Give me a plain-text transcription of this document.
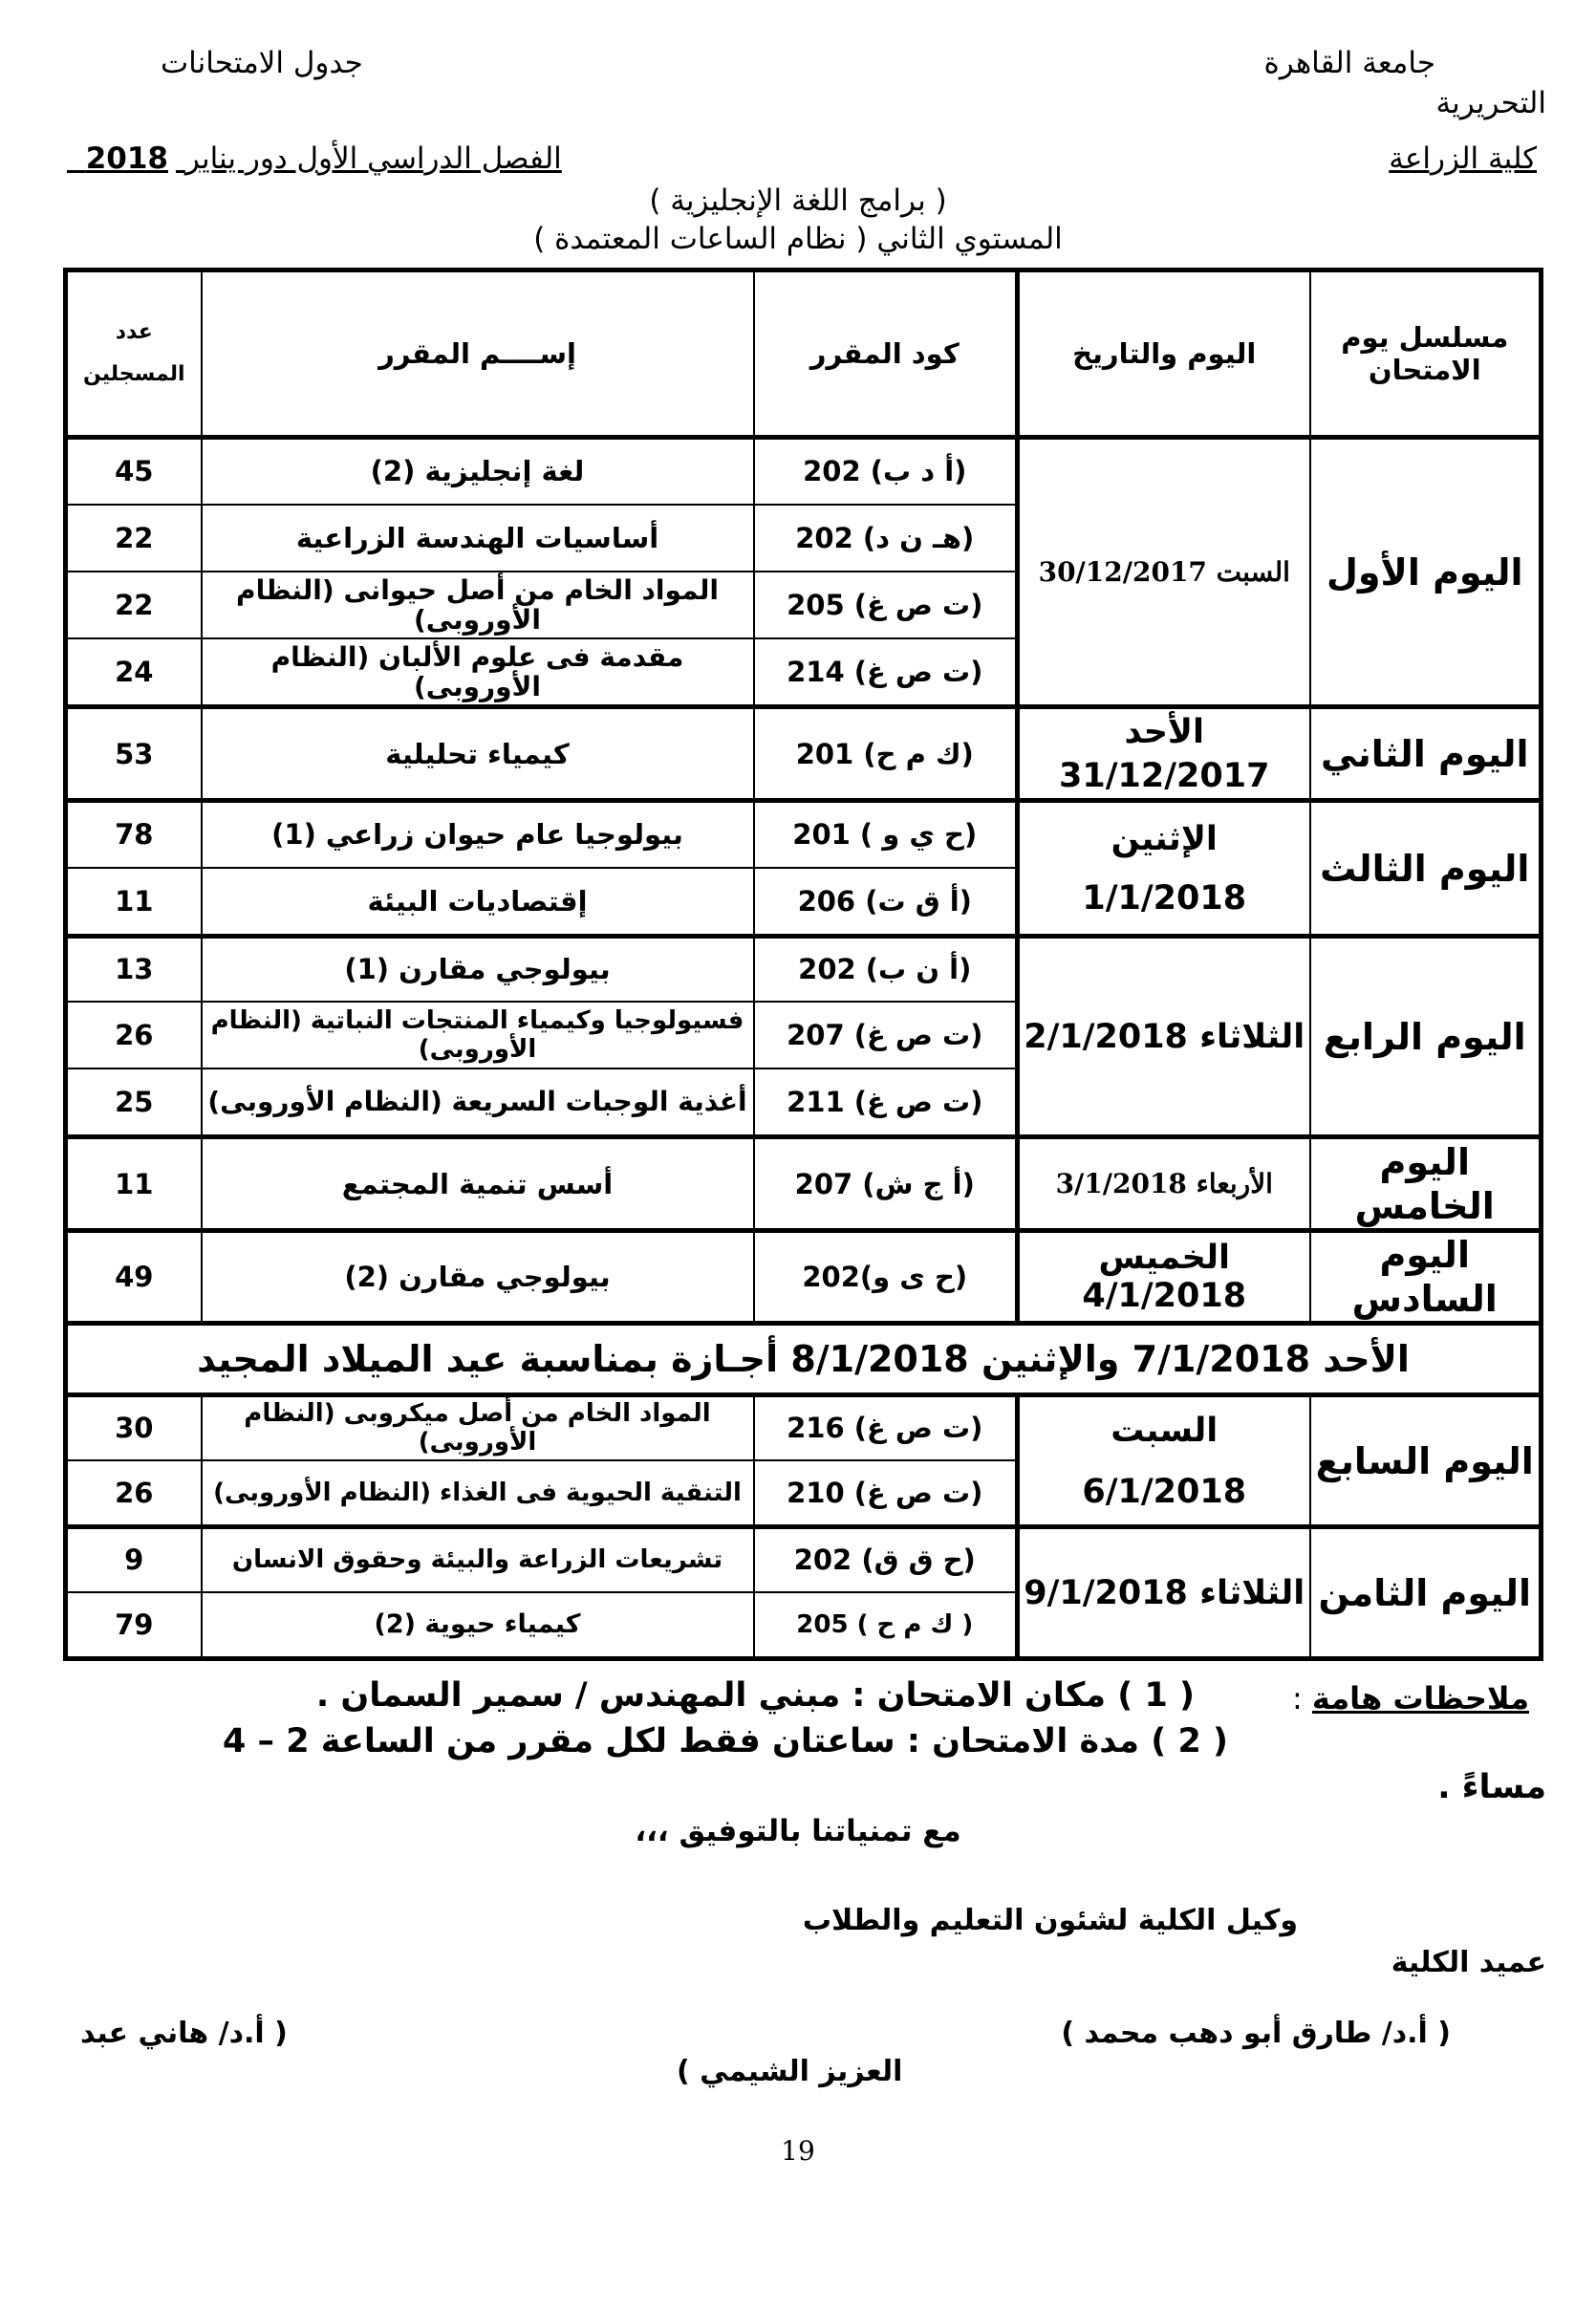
جامعة القاهرة
جدول الامتحانات
التحريرية
كلية الزراعة
الفصل الدراسي الأول دور يناير 2018
( برامج اللغة الإنجليزية )
المستوي الثاني ( نظام الساعات المعتمدة )
مسلسل يوم الامتحان	اليوم والتاريخ	كود المقرر	إســــم المقرر	عدد المسجلين
اليوم الأول	السبت 30/12/2017	(أ د ب) 202	لغة إنجليزية (2)	45
		(هـ ن د) 202	أساسيات الهندسة الزراعية	22
		(ت ص غ) 205	المواد الخام من أصل حيوانى (النظام الأوروبى)	22
		(ت ص غ) 214	مقدمة فى علوم الألبان (النظام الأوروبى)	24
اليوم الثاني	الأحد 31/12/2017	(ك م ح) 201	كيمياء تحليلية	53
اليوم الثالث	الإثنين 1/1/2018	(ح ي و ) 201	بيولوجيا عام حيوان زراعي (1)	78
		(أ ق ت) 206	إقتصاديات البيئة	11
اليوم الرابع	الثلاثاء 2/1/2018	(أ ن ب) 202	بيولوجي مقارن (1)	13
		(ت ص غ) 207	فسيولوجيا وكيمياء المنتجات النباتية (النظام الأوروبى)	26
		(ت ص غ) 211	أغذية الوجبات السريعة (النظام الأوروبى)	25
اليوم الخامس	الأربعاء 3/1/2018	(أ ج ش) 207	أسس تنمية المجتمع	11
اليوم السادس	الخميس 4/1/2018	(ح ى و)202	بيولوجي مقارن (2)	49
الأحد 7/1/2018 والإثنين 8/1/2018 أجـازة بمناسبة عيد الميلاد المجيد				
اليوم السابع	السبت 6/1/2018	(ت ص غ) 216	المواد الخام من أصل ميكروبى (النظام الأوروبى)	30
		(ت ص غ) 210	التنقية الحيوية فى الغذاء (النظام الأوروبى)	26
اليوم الثامن	الثلاثاء 9/1/2018	(ح ق ق) 202	تشريعات الزراعة والبيئة وحقوق الانسان	9
		( ك م ح ) 205	كيمياء حيوية (2)	79
ملاحظات هامة :
( 1 ) مكان الامتحان : مبني المهندس / سمير السمان .
( 2 ) مدة الامتحان : ساعتان فقط لكل مقرر من الساعة 2 – 4
مساءً .
مع تمنياتنا بالتوفيق ،،،
وكيل الكلية لشئون التعليم والطلاب
عميد الكلية
( أ.د/ طارق أبو دهب محمد )
( أ.د/ هاني عبد
العزيز الشيمي )
19
